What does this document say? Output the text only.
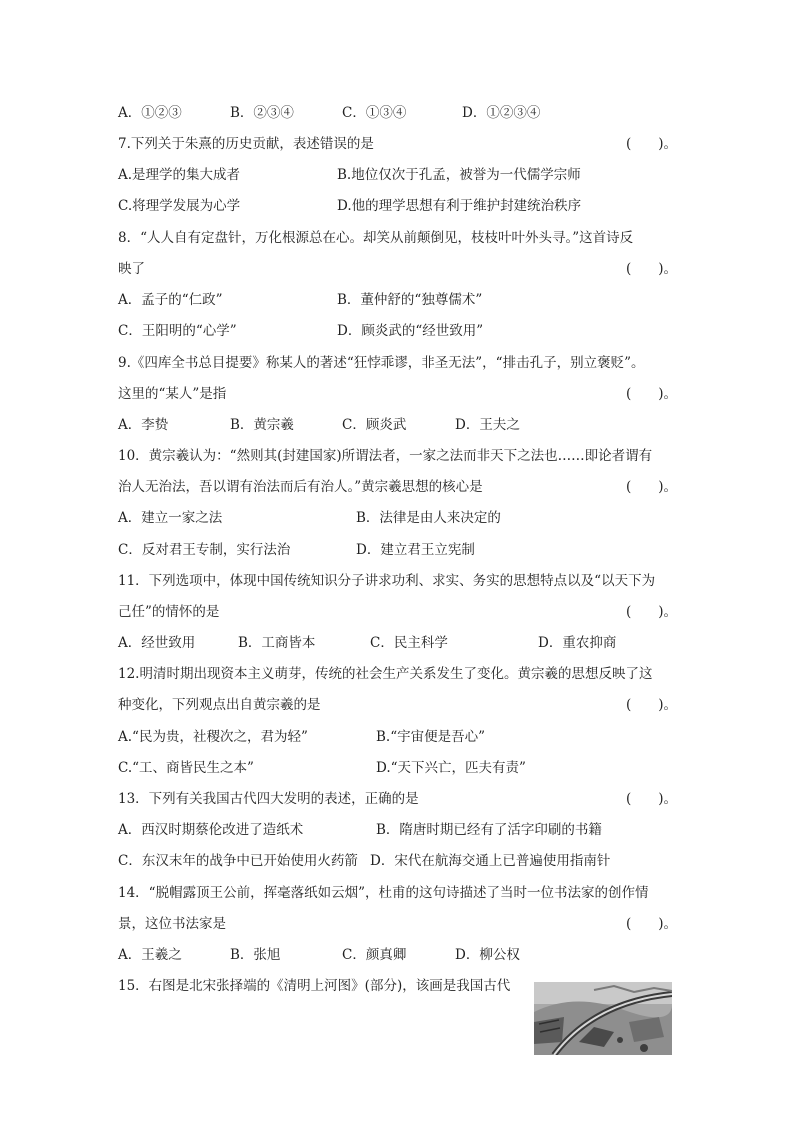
A．①②③	B．②③④	C．①③④	D．①②③④
7.下列关于朱熹的历史贡献，表述错误的是	(　　)。
A.是理学的集大成者	B.地位仅次于孔孟，被誉为一代儒学宗师
C.将理学发展为心学	D.他的理学思想有利于维护封建统治秩序
8．“人人自有定盘针，万化根源总在心。却笑从前颠倒见，枝枝叶叶外头寻。”这首诗反
映了	(　　)。
A．孟子的“仁政”	B．董仲舒的“独尊儒术”
C．王阳明的“心学”	D．顾炎武的“经世致用”
9.《四库全书总目提要》称某人的著述“狂悖乖谬，非圣无法”，“排击孔子，别立褒贬”。
这里的“某人”是指	(　　)。
A．李贽	B．黄宗羲	C．顾炎武	D．王夫之
10．黄宗羲认为：“然则其(封建国家)所谓法者，一家之法而非天下之法也……即论者谓有
治人无治法，吾以谓有治法而后有治人。”黄宗羲思想的核心是	(　　)。
A．建立一家之法	B．法律是由人来决定的
C．反对君王专制，实行法治	D．建立君王立宪制
11．下列选项中，体现中国传统知识分子讲求功利、求实、务实的思想特点以及“以天下为
己任”的情怀的是	(　　)。
A．经世致用	B．工商皆本	C．民主科学	D．重农抑商
12.明清时期出现资本主义萌芽，传统的社会生产关系发生了变化。黄宗羲的思想反映了这
种变化，下列观点出自黄宗羲的是	(　　)。
A.“民为贵，社稷次之，君为轻”	B.“宇宙便是吾心”
C.“工、商皆民生之本”	D.“天下兴亡，匹夫有责”
13．下列有关我国古代四大发明的表述，正确的是	(　　)。
A．西汉时期蔡伦改进了造纸术	B．隋唐时期已经有了活字印刷的书籍
C．东汉末年的战争中已开始使用火药箭 D．宋代在航海交通上已普遍使用指南针
14．“脱帽露顶王公前，挥毫落纸如云烟”，杜甫的这句诗描述了当时一位书法家的创作情
景，这位书法家是	(　　)。
A．王羲之	B．张旭	C．颜真卿	D．柳公权
15．右图是北宋张择端的《清明上河图》(部分)，该画是我国古代
